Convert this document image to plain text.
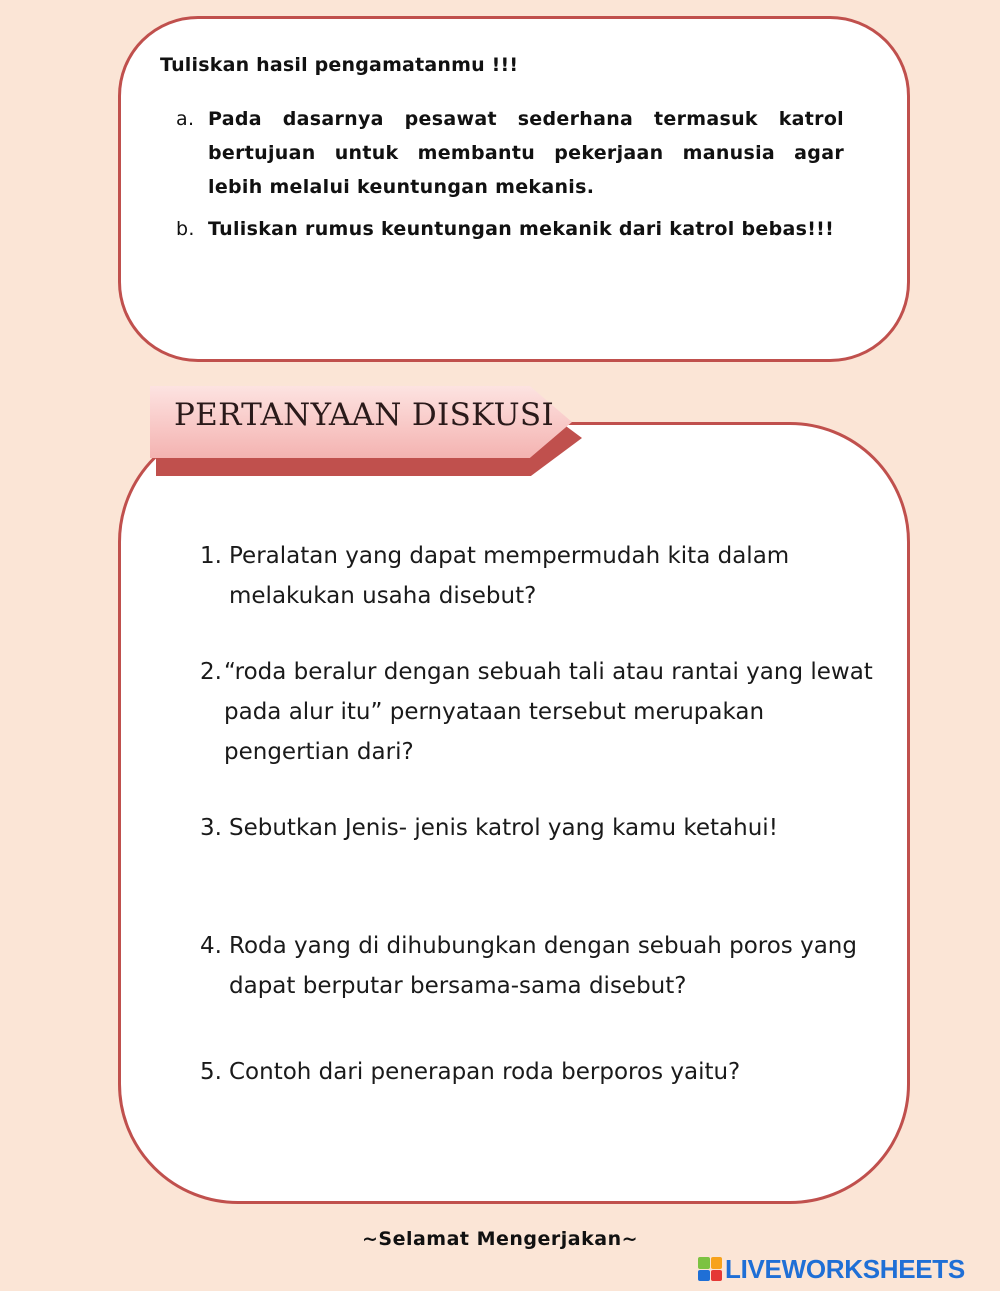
Tuliskan hasil pengamatanmu !!!
a. Pada dasarnya pesawat sederhana termasuk katrol bertujuan untuk membantu pekerjaan manusia agar lebih melalui keuntungan mekanis.
b. Tuliskan rumus keuntungan mekanik dari katrol bebas!!!
PERTANYAAN DISKUSI
1. Peralatan yang dapat mempermudah kita dalam melakukan usaha disebut?
2. “roda beralur dengan sebuah tali atau rantai yang lewat pada alur itu” pernyataan tersebut merupakan pengertian dari?
3. Sebutkan Jenis- jenis katrol yang kamu ketahui!
4. Roda yang di dihubungkan dengan sebuah poros yang dapat berputar bersama-sama disebut?
5. Contoh dari penerapan roda berporos yaitu?
~Selamat Mengerjakan~
LIVEWORKSHEETS
